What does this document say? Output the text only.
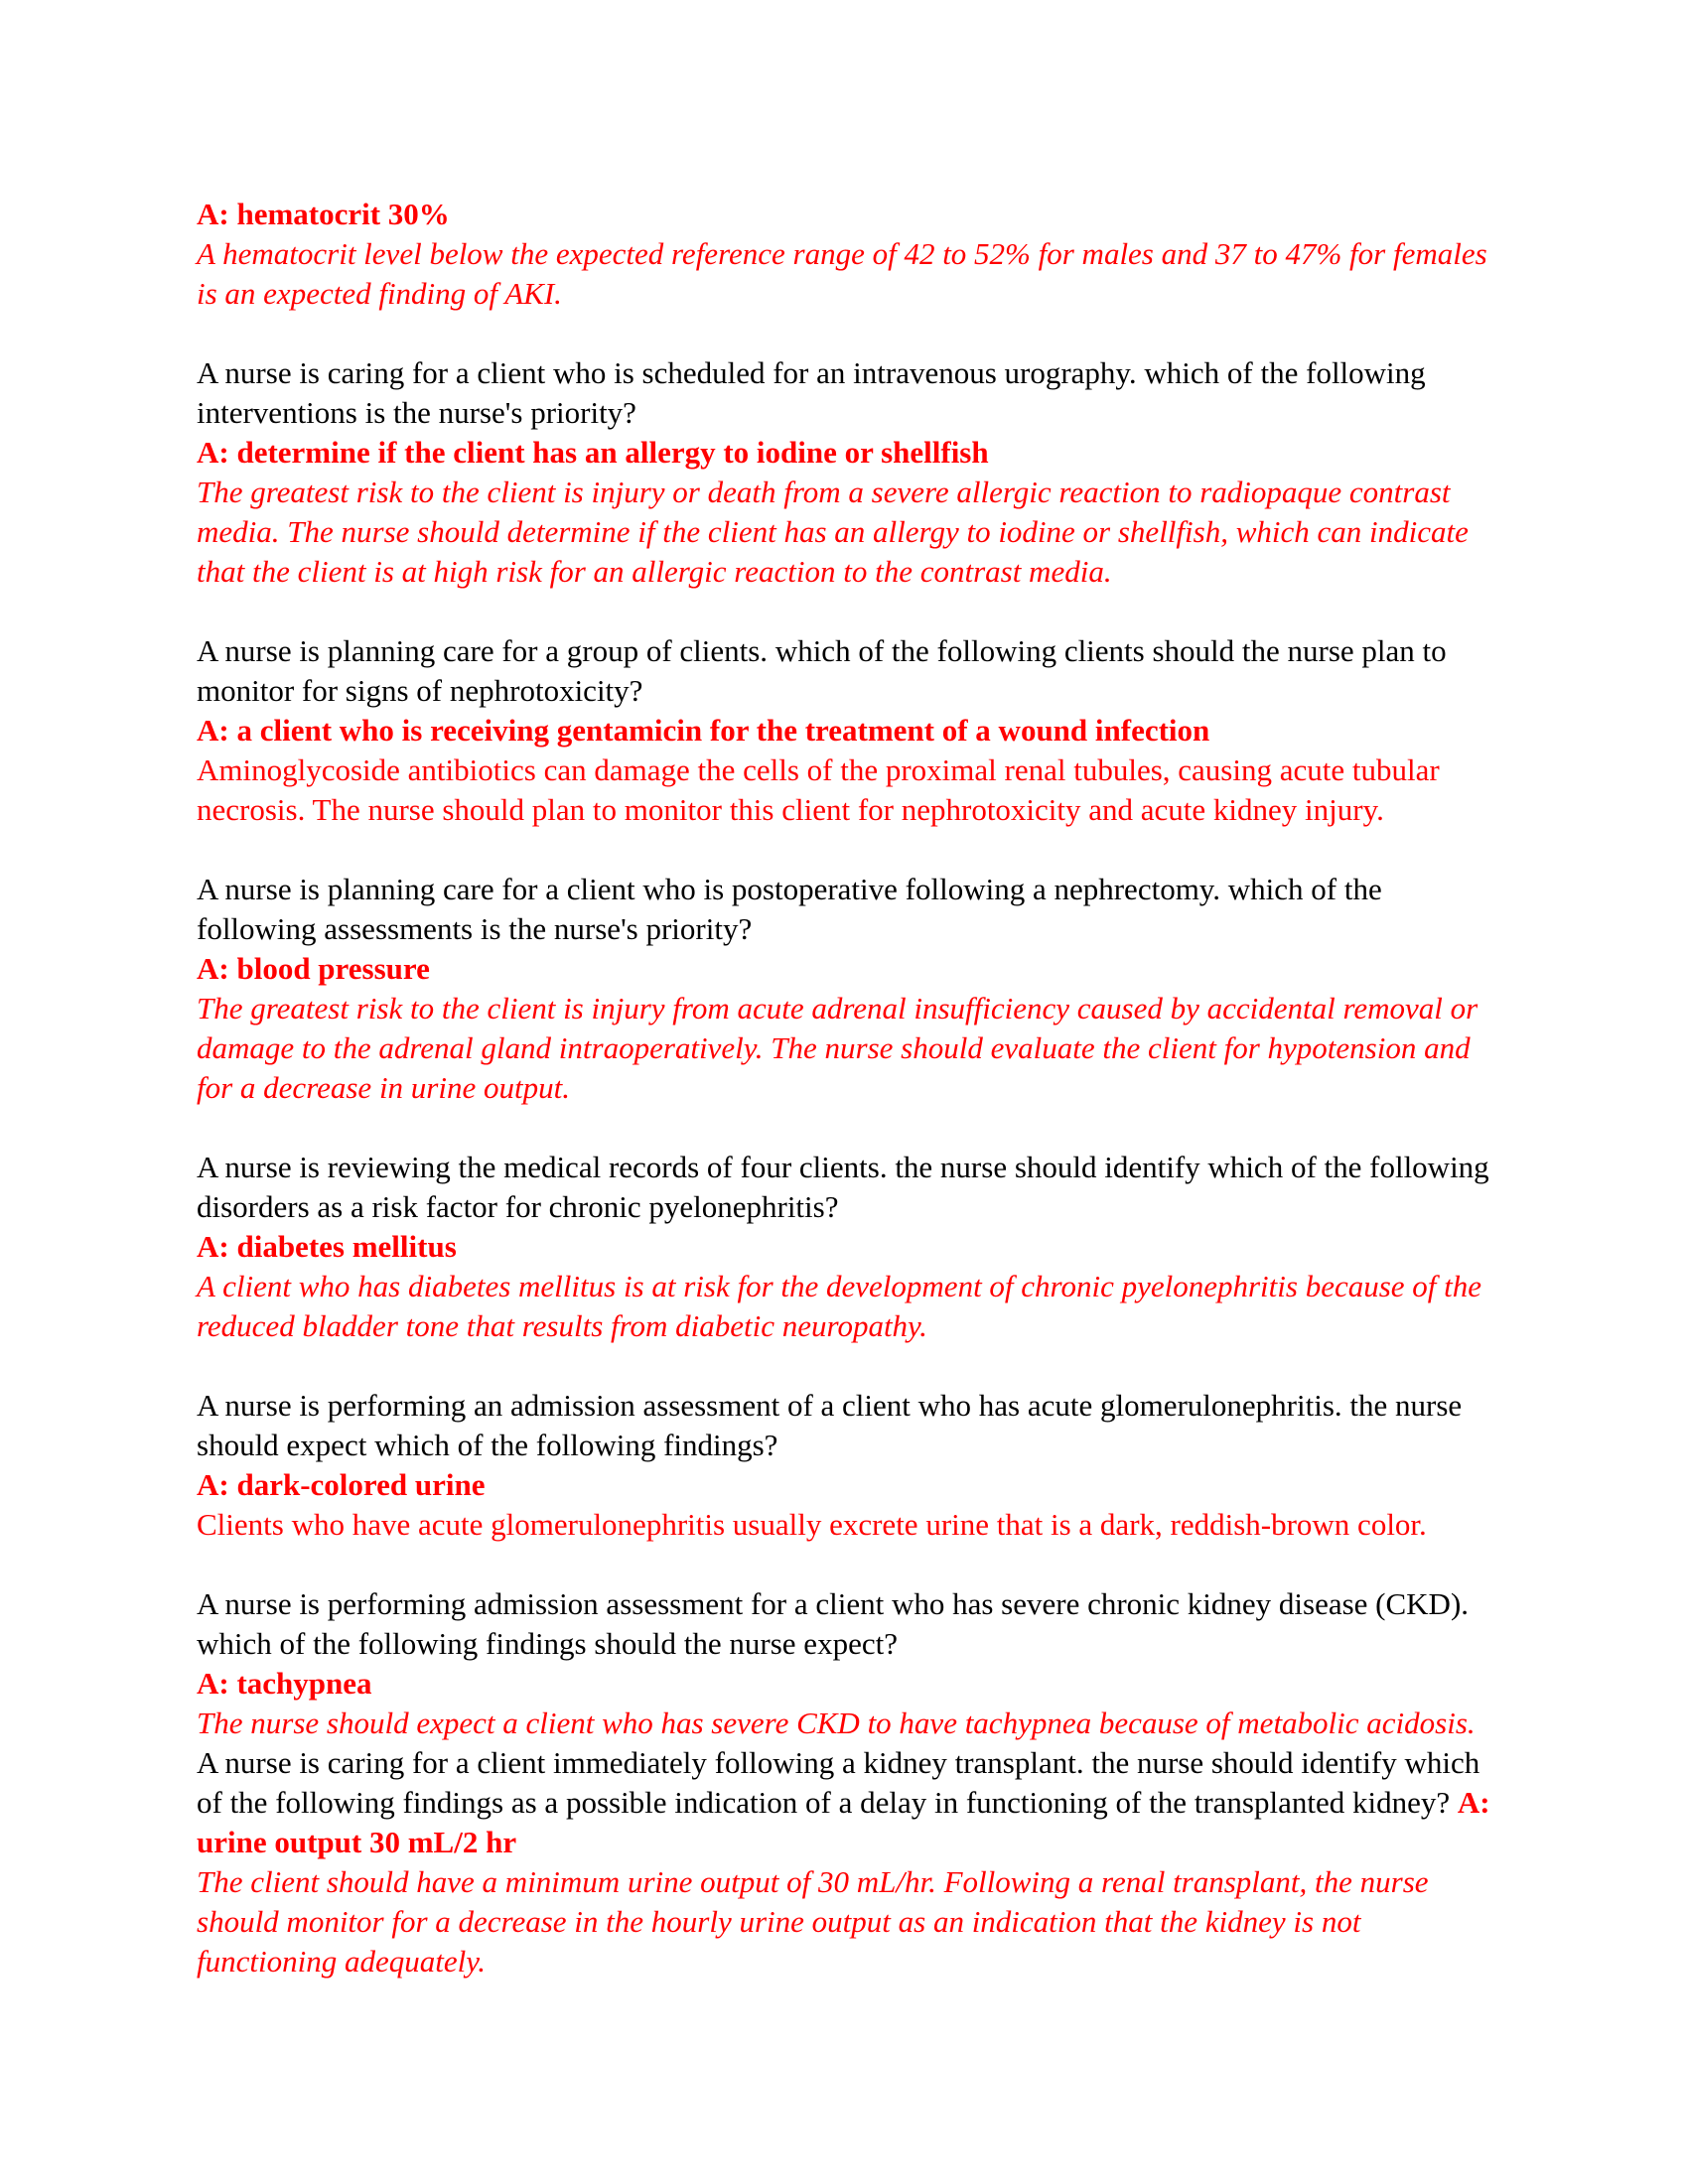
A: hematocrit 30%

A hematocrit level below the expected reference range of 42 to 52% for males and 37 to 47% for females is an expected finding of AKI.

A nurse is caring for a client who is scheduled for an intravenous urography. which of the following interventions is the nurse's priority?

A: determine if the client has an allergy to iodine or shellfish

The greatest risk to the client is injury or death from a severe allergic reaction to radiopaque contrast media. The nurse should determine if the client has an allergy to iodine or shellfish, which can indicate that the client is at high risk for an allergic reaction to the contrast media.

A nurse is planning care for a group of clients. which of the following clients should the nurse plan to monitor for signs of nephrotoxicity?

A: a client who is receiving gentamicin for the treatment of a wound infection

Aminoglycoside antibiotics can damage the cells of the proximal renal tubules, causing acute tubular necrosis. The nurse should plan to monitor this client for nephrotoxicity and acute kidney injury.

A nurse is planning care for a client who is postoperative following a nephrectomy. which of the following assessments is the nurse's priority?

A: blood pressure

The greatest risk to the client is injury from acute adrenal insufficiency caused by accidental removal or damage to the adrenal gland intraoperatively. The nurse should evaluate the client for hypotension and for a decrease in urine output.

A nurse is reviewing the medical records of four clients. the nurse should identify which of the following disorders as a risk factor for chronic pyelonephritis?

A: diabetes mellitus

A client who has diabetes mellitus is at risk for the development of chronic pyelonephritis because of the reduced bladder tone that results from diabetic neuropathy.

A nurse is performing an admission assessment of a client who has acute glomerulonephritis. the nurse should expect which of the following findings?

A: dark-colored urine

Clients who have acute glomerulonephritis usually excrete urine that is a dark, reddish-brown color.

A nurse is performing admission assessment for a client who has severe chronic kidney disease (CKD). which of the following findings should the nurse expect?

A: tachypnea

The nurse should expect a client who has severe CKD to have tachypnea because of metabolic acidosis.

A nurse is caring for a client immediately following a kidney transplant. the nurse should identify which of the following findings as a possible indication of a delay in functioning of the transplanted kidney? A: urine output 30 mL/2 hr

The client should have a minimum urine output of 30 mL/hr. Following a renal transplant, the nurse should monitor for a decrease in the hourly urine output as an indication that the kidney is not functioning adequately.
